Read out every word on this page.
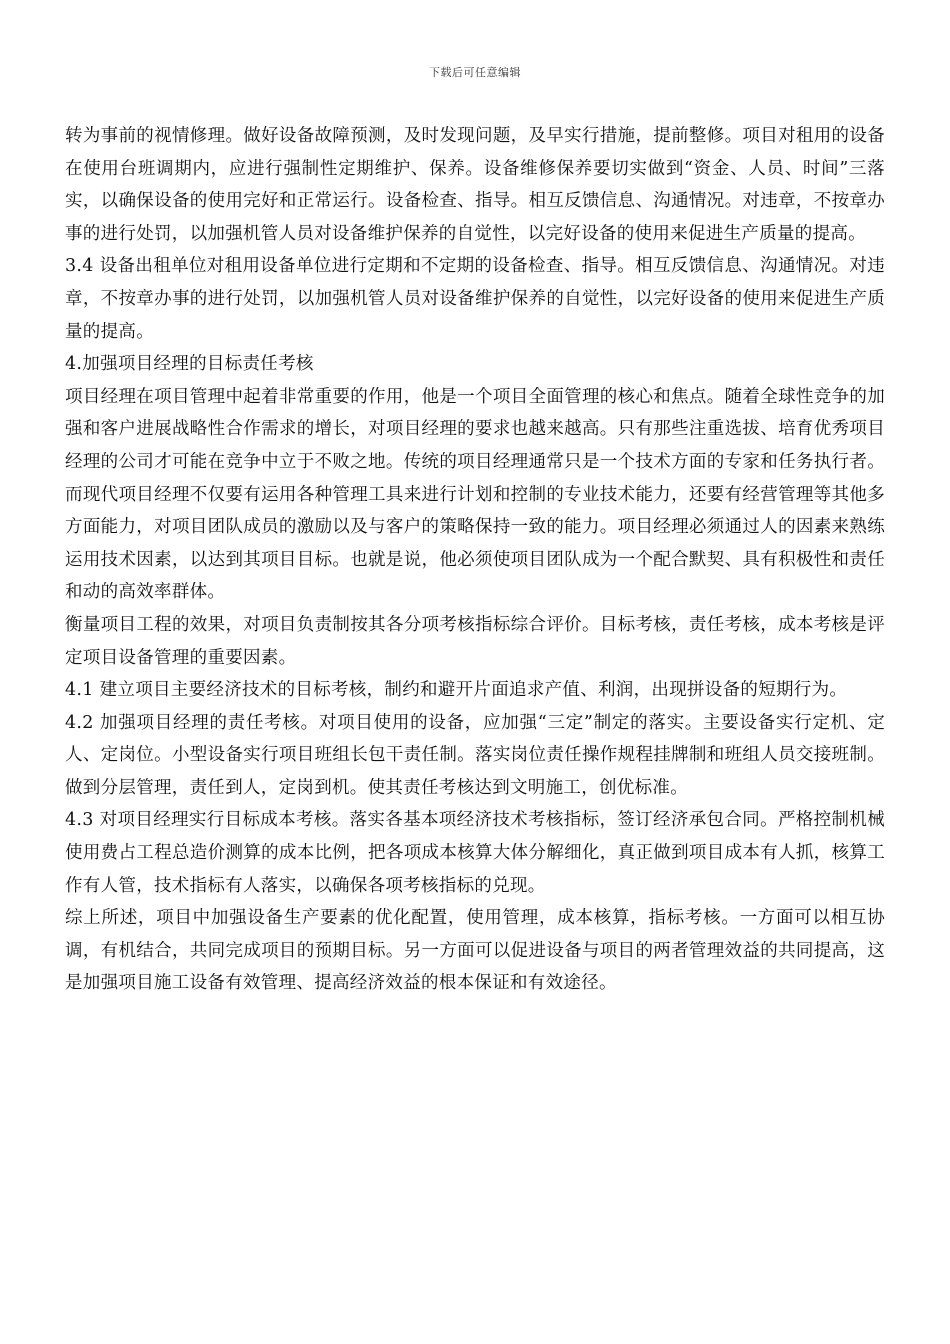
下载后可任意编辑

转为事前的视情修理。做好设备故障预测，及时发现问题，及早实行措施，提前整修。项目对租用的设备在使用台班调期内，应进行强制性定期维护、保养。设备维修保养要切实做到“资金、人员、时间”三落实，以确保设备的使用完好和正常运行。设备检查、指导。相互反馈信息、沟通情况。对违章，不按章办事的进行处罚，以加强机管人员对设备维护保养的自觉性，以完好设备的使用来促进生产质量的提高。

3.4 设备出租单位对租用设备单位进行定期和不定期的设备检查、指导。相互反馈信息、沟通情况。对违章，不按章办事的进行处罚，以加强机管人员对设备维护保养的自觉性，以完好设备的使用来促进生产质量的提高。

4.加强项目经理的目标责任考核

项目经理在项目管理中起着非常重要的作用，他是一个项目全面管理的核心和焦点。随着全球性竞争的加强和客户进展战略性合作需求的增长，对项目经理的要求也越来越高。只有那些注重选拔、培育优秀项目经理的公司才可能在竞争中立于不败之地。传统的项目经理通常只是一个技术方面的专家和任务执行者。而现代项目经理不仅要有运用各种管理工具来进行计划和控制的专业技术能力，还要有经营管理等其他多方面能力，对项目团队成员的激励以及与客户的策略保持一致的能力。项目经理必须通过人的因素来熟练运用技术因素，以达到其项目目标。也就是说，他必须使项目团队成为一个配合默契、具有积极性和责任和动的高效率群体。

衡量项目工程的效果，对项目负责制按其各分项考核指标综合评价。目标考核，责任考核，成本考核是评定项目设备管理的重要因素。

4.1 建立项目主要经济技术的目标考核，制约和避开片面追求产值、利润，出现拼设备的短期行为。

4.2 加强项目经理的责任考核。对项目使用的设备，应加强“三定”制定的落实。主要设备实行定机、定人、定岗位。小型设备实行项目班组长包干责任制。落实岗位责任操作规程挂牌制和班组人员交接班制。做到分层管理，责任到人，定岗到机。使其责任考核达到文明施工，创优标准。

4.3 对项目经理实行目标成本考核。落实各基本项经济技术考核指标，签订经济承包合同。严格控制机械使用费占工程总造价测算的成本比例，把各项成本核算大体分解细化，真正做到项目成本有人抓，核算工作有人管，技术指标有人落实，以确保各项考核指标的兑现。

综上所述，项目中加强设备生产要素的优化配置，使用管理，成本核算，指标考核。一方面可以相互协调，有机结合，共同完成项目的预期目标。另一方面可以促进设备与项目的两者管理效益的共同提高，这是加强项目施工设备有效管理、提高经济效益的根本保证和有效途径。
